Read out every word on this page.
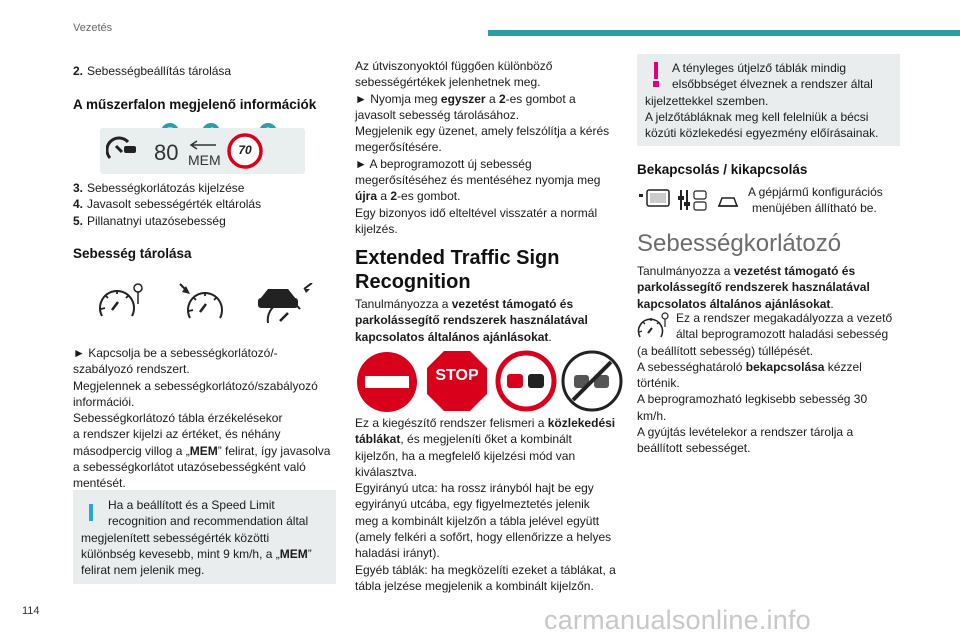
Vezetés
2. Sebességbeállítás tárolása
A műszerfalon megjelenő információk
80 MEM
70

3. Sebességkorlátozás kijelzése

4. Javasolt sebességérték eltárolás

5. Pillanatnyi utazósebesség

Sebesség tárolása

► Kapcsolja be a sebességkorlátozó/-

szabályozó rendszert.

Megjelennek a sebességkorlátozó/szabályozó

információi.

Sebességkorlátozó tábla érzékelésekor

a rendszer kijelzi az értéket, és néhány

másodpercig villog a „MEM” felirat, így javasolva

a sebességkorlátot utazósebességként való

mentését.

Ha a beállított és a Speed Limit

recognition and recommendation által

megjelenített sebességérték közötti

különbség kevesebb, mint 9 km/h, a „MEM”

felirat nem jelenik meg.

Az útviszonyoktól függően különböző

sebességértékek jelenhetnek meg.

► Nyomja meg egyszer a 2-es gombot a

javasolt sebesség tárolásához.

Megjelenik egy üzenet, amely felszólítja a kérés

megerősítésére.

► A beprogramozott új sebesség

megerősítéséhez és mentéséhez nyomja meg

újra a 2-es gombot.

Egy bizonyos idő elteltével visszatér a normál

kijelzés.

Extended Traffic Sign
Recognition

Tanulmányozza a vezetést támogató és

parkolássegítő rendszerek használatával

kapcsolatos általános ajánlásokat.

STOP

Ez a kiegészítő rendszer felismeri a közlekedési

táblákat, és megjeleníti őket a kombinált

kijelzőn, ha a megfelelő kijelzési mód van

kiválasztva.

Egyirányú utca: ha rossz irányból hajt be egy

egyirányú utcába, egy figyelmeztetés jelenik

meg a kombinált kijelzőn a tábla jelével együtt

(amely felkéri a sofőrt, hogy ellenőrizze a helyes

haladási irányt).

Egyéb táblák: ha megközelíti ezeket a táblákat, a

tábla jelzése megjelenik a kombinált kijelzőn.

A tényleges útjelző táblák mindig

elsőbbséget élveznek a rendszer által

kijelzettekkel szemben.

A jelzőtábláknak meg kell felelniük a bécsi

közúti közlekedési egyezmény előírásainak.

Bekapcsolás / kikapcsolás

A gépjármű konfigurációs

menüjében állítható be.

Sebességkorlátozó

Tanulmányozza a vezetést támogató és

parkolássegítő rendszerek használatával

kapcsolatos általános ajánlásokat.

Ez a rendszer megakadályozza a vezető

által beprogramozott haladási sebesség

(a beállított sebesség) túllépését.

A sebességhatároló bekapcsolása kézzel

történik.

A beprogramozható legkisebb sebesség 30

km/h.

A gyújtás levételekor a rendszer tárolja a

beállított sebességet.

114	carmanualsonline.info
